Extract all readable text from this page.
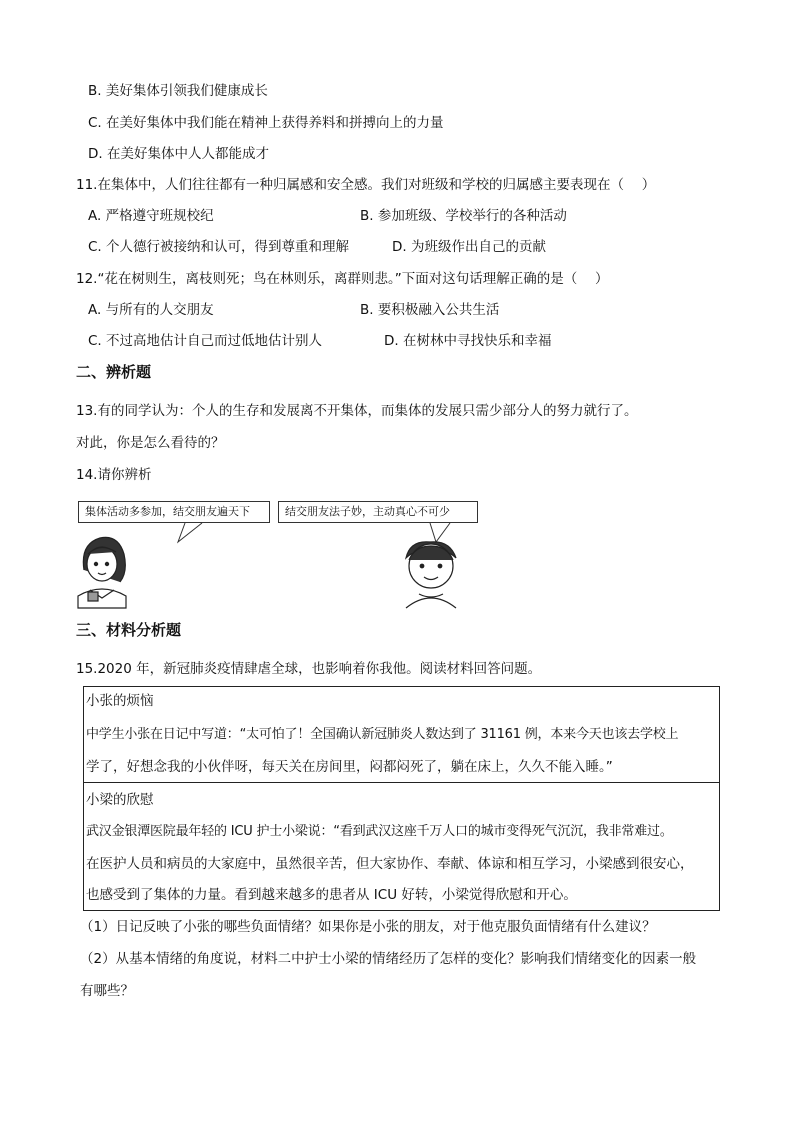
B. 美好集体引领我们健康成长
C. 在美好集体中我们能在精神上获得养料和拼搏向上的力量
D. 在美好集体中人人都能成才
11.在集体中，人们往往都有一种归属感和安全感。我们对班级和学校的归属感主要表现在（　 ）
A. 严格遵守班规校纪	B. 参加班级、学校举行的各种活动
C. 个人德行被接纳和认可，得到尊重和理解	D. 为班级作出自己的贡献
12.“花在树则生，离枝则死；鸟在林则乐，离群则悲。”下面对这句话理解正确的是（　 ）
A. 与所有的人交朋友	B. 要积极融入公共生活
C. 不过高地估计自己而过低地估计别人	D. 在树林中寻找快乐和幸福
二、辨析题
13.有的同学认为：个人的生存和发展离不开集体，而集体的发展只需少部分人的努力就行了。
对此，你是怎么看待的？
14.请你辨析
集体活动多参加，结交朋友遍天下	结交朋友法子妙，主动真心不可少
三、材料分析题
15.2020 年，新冠肺炎疫情肆虐全球，也影响着你我他。阅读材料回答问题。
小张的烦恼
中学生小张在日记中写道：“太可怕了！全国确认新冠肺炎人数达到了 31161 例，本来今天也该去学校上
学了，好想念我的小伙伴呀，每天关在房间里，闷都闷死了，躺在床上，久久不能入睡。”
小梁的欣慰
武汉金银潭医院最年轻的 ICU 护士小梁说：“看到武汉这座千万人口的城市变得死气沉沉，我非常难过。
在医护人员和病员的大家庭中，虽然很辛苦，但大家协作、奉献、体谅和相互学习，小梁感到很安心，
也感受到了集体的力量。看到越来越多的患者从 ICU 好转，小梁觉得欣慰和开心。
（1）日记反映了小张的哪些负面情绪？如果你是小张的朋友，对于他克服负面情绪有什么建议？
（2）从基本情绪的角度说，材料二中护士小梁的情绪经历了怎样的变化？影响我们情绪变化的因素一般
有哪些？
